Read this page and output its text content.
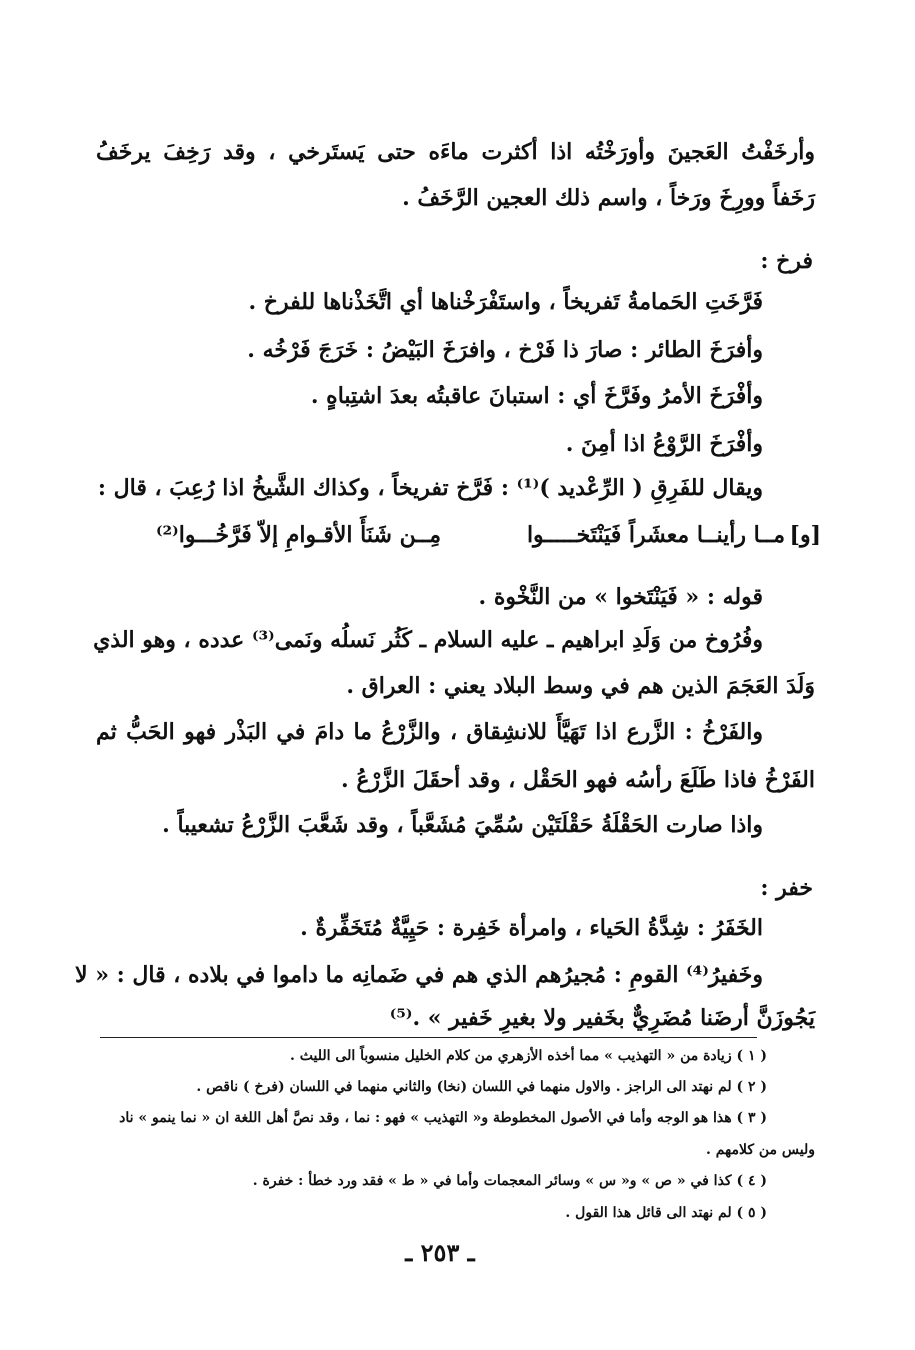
وأرخَفْتُ العَجينَ وأورَخْتُه اذا أكثرت ماءَه حتى يَستَرخي ، وقد رَخِفَ يرخَفُ
رَخَفاً وورِخَ ورَخاً ، واسم ذلك العجين الرَّخَفُ .
فرخ :
فَرَّخَتِ الحَمامةُ تَفريخاً ، واستَفْرَخْناها أي اتَّخَذْناها للفرخ .
وأفرَخَ الطائر : صارَ ذا فَرْخ ، وافرَخَ البَيْضُ : خَرَجَ فَرْخُه .
وأفْرَخَ الأمرُ وفَرَّخَ أي : استبانَ عاقبتُه بعدَ اشتِباهٍ .
وأفْرَخَ الرَّوْعُ اذا أمِنَ .
ويقال للفَرِقِ ( الرِّعْديد )⁽¹⁾ : فَرَّخ تفريخاً ، وكذاك الشَّيخُ اذا رُعِبَ ، قال :
[و]
مــا رأينــا معشَراً فَيَنْتَخـــــوا
مِــن شَنَأَ الأقـوامِ إلاّ فَرَّخُـــوا⁽²⁾
قوله : « فَيَنْتَخوا » من النَّخْوة .
وفُرُوخ من وَلَدِ ابراهيم ـ عليه السلام ـ كَثُر نَسلُه ونَمى⁽³⁾ عدده ، وهو الذي
وَلَدَ العَجَمَ الذين هم في وسط البلاد يعني : العراق .
والفَرْخُ : الزَّرع اذا تَهَيَّأَ للانشِقاق ، والزَّرْعُ ما دامَ في البَذْر فهو الحَبُّ ثم
الفَرْخُ فاذا طَلَعَ رأسُه فهو الحَقْل ، وقد أحقَلَ الزَّرْعُ .
واذا صارت الحَقْلَةُ حَقْلَتَيْن سُمِّيَ مُشَعَّباً ، وقد شَعَّبَ الزَّرْعُ تشعيباً .
خفر :
الخَفَرُ : شِدَّةُ الحَياء ، وامرأة خَفِرة : حَيِيَّةٌ مُتَخَفِّرةٌ .
وخَفيرُ⁽⁴⁾ القومِ : مُجيرُهم الذي هم في ضَمانِه ما داموا في بلاده ، قال : « لا
يَجُوزَنَّ أرضَنا مُضَرِيٌّ بخَفير ولا بغيرِ خَفير » .⁽⁵⁾
( ١ ) زيادة من « التهذيب » مما أخذه الأزهري من كلام الخليل منسوباً الى الليث .
( ٢ ) لم نهتد الى الراجز . والاول منهما في اللسان (نخا) والثاني منهما في اللسان (فرخ ) ناقص .
( ٣ ) هذا هو الوجه وأما في الأصول المخطوطة و« التهذيب » فهو : نما ، وقد نصَّ أهل اللغة ان « نما ينمو » ناد
وليس من كلامهم .
( ٤ ) كذا في « ص » و« س » وسائر المعجمات وأما في « ط » فقد ورد خطأ : خفرة .
( ٥ ) لم نهتد الى قائل هذا القول .
ـ ٢٥٣ ـ
